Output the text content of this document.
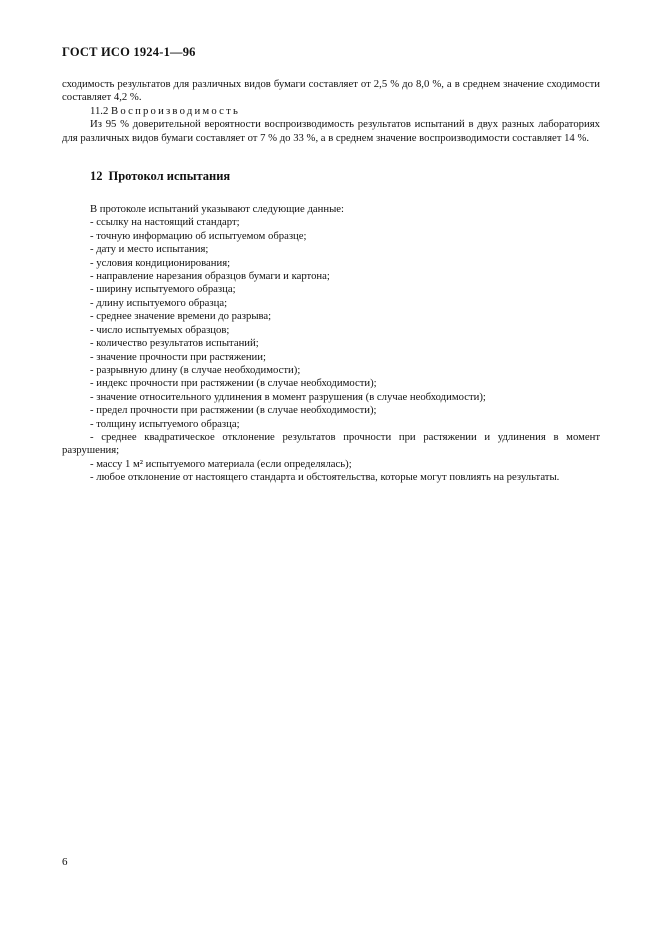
ГОСТ ИСО 1924-1—96

сходимость результатов для различных видов бумаги составляет от 2,5 % до 8,0 %, а в среднем значение сходимости составляет 4,2 %.

11.2 Воспроизводимость

Из 95 % доверительной вероятности воспроизводимость результатов испытаний в двух разных лабораториях для различных видов бумаги составляет от 7 % до 33 %, а в среднем значение воспроизводимости составляет 14 %.

12 Протокол испытания

В протоколе испытаний указывают следующие данные:

- ссылку на настоящий стандарт;
- точную информацию об испытуемом образце;
- дату и место испытания;
- условия кондиционирования;
- направление нарезания образцов бумаги и картона;
- ширину испытуемого образца;
- длину испытуемого образца;
- среднее значение времени до разрыва;
- число испытуемых образцов;
- количество результатов испытаний;
- значение прочности при растяжении;
- разрывную длину (в случае необходимости);
- индекс прочности при растяжении (в случае необходимости);
- значение относительного удлинения в момент разрушения (в случае необходимости);
- предел прочности при растяжении (в случае необходимости);
- толщину испытуемого образца;
- среднее квадратическое отклонение результатов прочности при растяжении и удлинения в момент разрушения;
- массу 1 м² испытуемого материала (если определялась);
- любое отклонение от настоящего стандарта и обстоятельства, которые могут повлиять на результаты.
6
